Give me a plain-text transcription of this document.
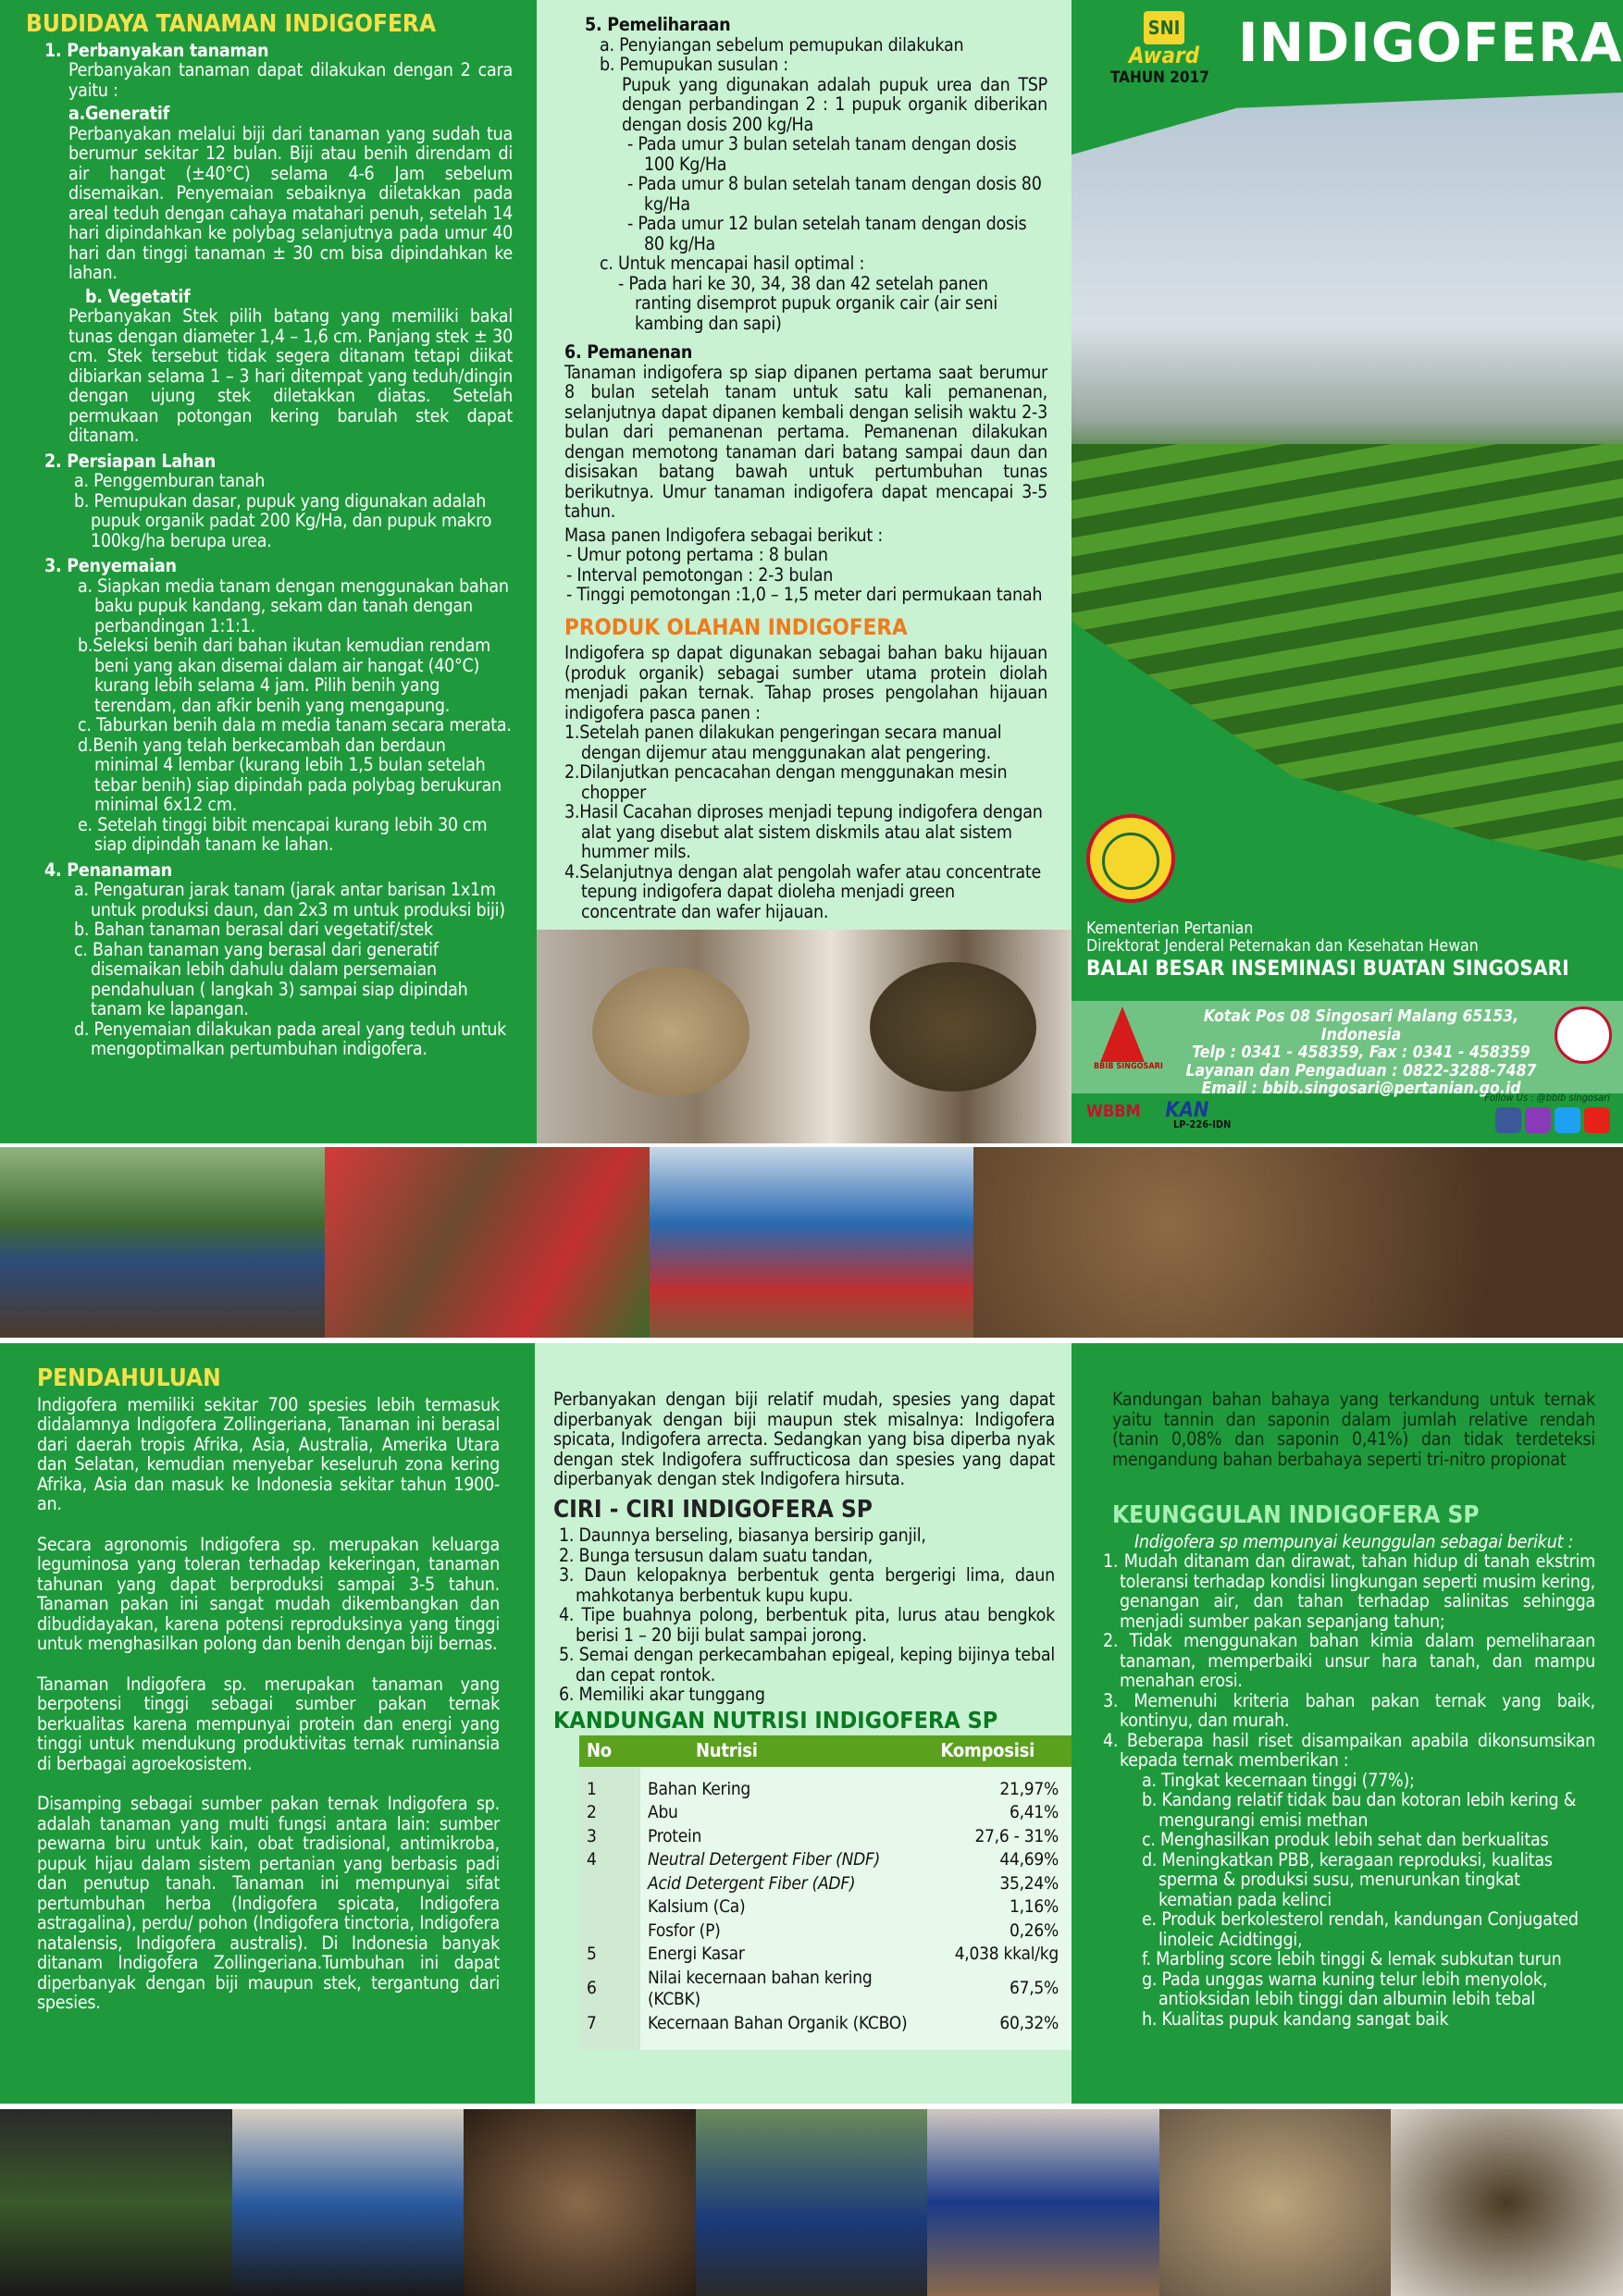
BUDIDAYA TANAMAN INDIGOFERA
1. Perbanyakan tanaman

Perbanyakan tanaman dapat dilakukan dengan 2 cara yaitu :

a.Generatif

Perbanyakan melalui biji dari tanaman yang sudah tua berumur sekitar 12 bulan. Biji atau benih direndam di air hangat (±40°C) selama 4-6 Jam sebelum disemaikan. Penyemaian sebaiknya diletakkan pada areal teduh dengan cahaya matahari penuh, setelah 14 hari dipindahkan ke polybag selanjutnya pada umur 40 hari dan tinggi tanaman ± 30 cm bisa dipindahkan ke lahan.

b. Vegetatif

Perbanyakan Stek pilih batang yang memiliki bakal tunas dengan diameter 1,4 – 1,6 cm. Panjang stek ± 30 cm. Stek tersebut tidak segera ditanam tetapi diikat dibiarkan selama 1 – 3 hari ditempat yang teduh/dingin dengan ujung stek diletakkan diatas. Setelah permukaan potongan kering barulah stek dapat ditanam.

2. Persiapan Lahan
a. Penggemburan tanah
b. Pemupukan dasar, pupuk yang digunakan adalah pupuk organik padat 200 Kg/Ha, dan pupuk makro 100kg/ha berupa urea.
3. Penyemaian
a. Siapkan media tanam dengan menggunakan bahan baku pupuk kandang, sekam dan tanah dengan perbandingan 1:1:1.
b.Seleksi benih dari bahan ikutan kemudian rendam beni yang akan disemai dalam air hangat (40°C) kurang lebih selama 4 jam. Pilih benih yang terendam, dan afkir benih yang mengapung.
c. Taburkan benih dala m media tanam secara merata.
d.Benih yang telah berkecambah dan berdaun minimal 4 lembar (kurang lebih 1,5 bulan setelah tebar benih) siap dipindah pada polybag berukuran minimal 6x12 cm.
e. Setelah tinggi bibit mencapai kurang lebih 30 cm siap dipindah tanam ke lahan.
4. Penanaman
a. Pengaturan jarak tanam (jarak antar barisan 1x1m untuk produksi daun, dan 2x3 m untuk produksi biji)
b. Bahan tanaman berasal dari vegetatif/stek
c. Bahan tanaman yang berasal dari generatif disemaikan lebih dahulu dalam persemaian pendahuluan ( langkah 3) sampai siap dipindah tanam ke lapangan.
d. Penyemaian dilakukan pada areal yang teduh untuk mengoptimalkan pertumbuhan indigofera.
5. Pemeliharaan

a. Penyiangan sebelum pemupukan dilakukan

b. Pemupukan susulan :

Pupuk yang digunakan adalah pupuk urea dan TSP dengan perbandingan 2 : 1 pupuk organik diberikan dengan dosis 200 kg/Ha

- Pada umur 3 bulan setelah tanam dengan dosis 100 Kg/Ha
- Pada umur 8 bulan setelah tanam dengan dosis 80 kg/Ha
- Pada umur 12 bulan setelah tanam dengan dosis 80 kg/Ha

c. Untuk mencapai hasil optimal :

- Pada hari ke 30, 34, 38 dan 42 setelah panen ranting disemprot pupuk organik cair (air seni kambing dan sapi)

6. Pemanenan

Tanaman indigofera sp siap dipanen pertama saat berumur 8 bulan setelah tanam untuk satu kali pemanenan, selanjutnya dapat dipanen kembali dengan selisih waktu 2-3 bulan dari pemanenan pertama. Pemanenan dilakukan dengan memotong tanaman dari batang sampai daun dan disisakan batang bawah untuk pertumbuhan tunas berikutnya. Umur tanaman indigofera dapat mencapai 3-5 tahun.

Masa panen Indigofera sebagai berikut :

- Umur potong pertama : 8 bulan
- Interval pemotongan : 2-3 bulan
- Tinggi pemotongan :1,0 – 1,5 meter dari permukaan tanah
PRODUK OLAHAN INDIGOFERA

Indigofera sp dapat digunakan sebagai bahan baku hijauan (produk organik) sebagai sumber utama protein diolah menjadi pakan ternak. Tahap proses pengolahan hijauan indigofera pasca panen :

1.Setelah panen dilakukan pengeringan secara manual dengan dijemur atau menggunakan alat pengering.
2.Dilanjutkan pencacahan dengan menggunakan mesin chopper
3.Hasil Cacahan diproses menjadi tepung indigofera dengan alat yang disebut alat sistem diskmils atau alat sistem hummer mils.
4.Selanjutnya dengan alat pengolah wafer atau concentrate tepung indigofera dapat dioleha menjadi green concentrate dan wafer hijauan.
SNI
Award
TAHUN 2017
INDIGOFERA
Kementerian Pertanian
Direktorat Jenderal Peternakan dan Kesehatan Hewan
BALAI BESAR INSEMINASI BUATAN SINGOSARI
BBIB SINGOSARI
Kotak Pos 08 Singosari Malang 65153, Indonesia
Telp : 0341 - 458359, Fax : 0341 - 458359
Layanan dan Pengaduan : 0822-3288-7487
Email : bbib.singosari@pertanian.go.id
WBBM KAN
LP-226-IDN
Follow Us : @bbib singosari
PENDAHULUAN

Indigofera memiliki sekitar 700 spesies lebih termasuk didalamnya Indigofera Zollingeriana, Tanaman ini berasal dari daerah tropis Afrika, Asia, Australia, Amerika Utara dan Selatan, kemudian menyebar keseluruh zona kering Afrika, Asia dan masuk ke Indonesia sekitar tahun 1900-an.

Secara agronomis Indigofera sp. merupakan keluarga leguminosa yang toleran terhadap kekeringan, tanaman tahunan yang dapat berproduksi sampai 3-5 tahun. Tanaman pakan ini sangat mudah dikembangkan dan dibudidayakan, karena potensi reproduksinya yang tinggi untuk menghasilkan polong dan benih dengan biji bernas.

Tanaman Indigofera sp. merupakan tanaman yang berpotensi tinggi sebagai sumber pakan ternak berkualitas karena mempunyai protein dan energi yang tinggi untuk mendukung produktivitas ternak ruminansia di berbagai agroekosistem.

Disamping sebagai sumber pakan ternak Indigofera sp. adalah tanaman yang multi fungsi antara lain: sumber pewarna biru untuk kain, obat tradisional, antimikroba, pupuk hijau dalam sistem pertanian yang berbasis padi dan penutup tanah. Tanaman ini mempunyai sifat pertumbuhan herba (Indigofera spicata, Indigofera astragalina), perdu/ pohon (Indigofera tinctoria, Indigofera natalensis, Indigofera australis). Di Indonesia banyak ditanam Indigofera Zollingeriana.Tumbuhan ini dapat diperbanyak dengan biji maupun stek, tergantung dari spesies.

Perbanyakan dengan biji relatif mudah, spesies yang dapat diperbanyak dengan biji maupun stek misalnya: Indigofera spicata, Indigofera arrecta. Sedangkan yang bisa diperba nyak dengan stek Indigofera suffructicosa dan spesies yang dapat diperbanyak dengan stek Indigofera hirsuta.

CIRI - CIRI INDIGOFERA SP
1. Daunnya berseling, biasanya bersirip ganjil,
2. Bunga tersusun dalam suatu tandan,
3. Daun kelopaknya berbentuk genta bergerigi lima, daun mahkotanya berbentuk kupu kupu.
4. Tipe buahnya polong, berbentuk pita, lurus atau bengkok berisi 1 – 20 biji bulat sampai jorong.
5. Semai dengan perkecambahan epigeal, keping bijinya tebal dan cepat rontok.
6. Memiliki akar tunggang
KANDUNGAN NUTRISI INDIGOFERA SP
No	Nutrisi	Komposisi

1	Bahan Kering	21,97%
2	Abu	6,41%
3	Protein	27,6 - 31%
4	Neutral Detergent Fiber (NDF)	44,69%
	Acid Detergent Fiber (ADF)	35,24%
	Kalsium (Ca)	1,16%
	Fosfor (P)	0,26%
5	Energi Kasar	4,038 kkal/kg
6	Nilai kecernaan bahan kering (KCBK)	67,5%
7	Kecernaan Bahan Organik (KCBO)	60,32%

Kandungan bahan bahaya yang terkandung untuk ternak yaitu tannin dan saponin dalam jumlah relative rendah (tanin 0,08% dan saponin 0,41%) dan tidak terdeteksi mengandung bahan berbahaya seperti tri-nitro propionat

KEUNGGULAN INDIGOFERA SP

Indigofera sp mempunyai keunggulan sebagai berikut :

1. Mudah ditanam dan dirawat, tahan hidup di tanah ekstrim toleransi terhadap kondisi lingkungan seperti musim kering, genangan air, dan tahan terhadap salinitas sehingga menjadi sumber pakan sepanjang tahun;
2. Tidak menggunakan bahan kimia dalam pemeliharaan tanaman, memperbaiki unsur hara tanah, dan mampu menahan erosi.
3. Memenuhi kriteria bahan pakan ternak yang baik, kontinyu, dan murah.
4. Beberapa hasil riset disampaikan apabila dikonsumsikan kepada ternak memberikan :
a. Tingkat kecernaan tinggi (77%);
b. Kandang relatif tidak bau dan kotoran lebih kering & mengurangi emisi methan
c. Menghasilkan produk lebih sehat dan berkualitas
d. Meningkatkan PBB, keragaan reproduksi, kualitas sperma & produksi susu, menurunkan tingkat kematian pada kelinci
e. Produk berkolesterol rendah, kandungan Conjugated linoleic Acidtinggi,
f. Marbling score lebih tinggi & lemak subkutan turun
g. Pada unggas warna kuning telur lebih menyolok, antioksidan lebih tinggi dan albumin lebih tebal
h. Kualitas pupuk kandang sangat baik
